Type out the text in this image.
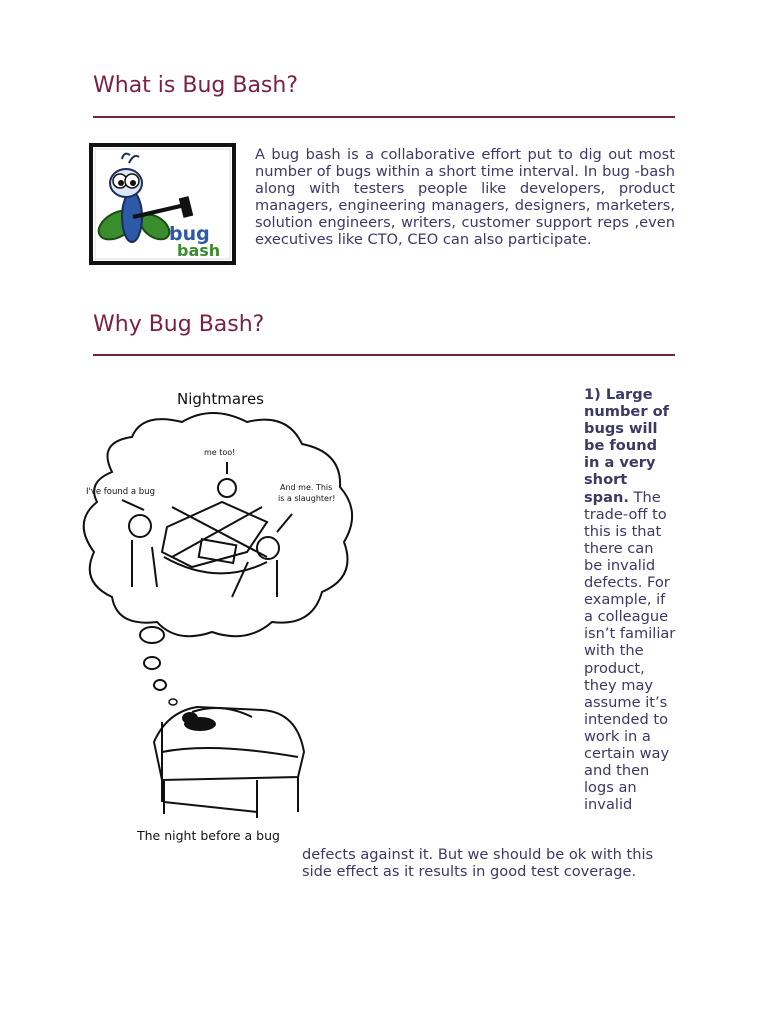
What is Bug Bash?
bug
bash

A bug bash is a collaborative effort put to dig out most number of bugs within a short time interval. In bug -bash along with testers people like developers, product managers, engineering managers, designers, marketers, solution engineers, writers, customer support reps ,even executives like CTO, CEO can also participate.

Why Bug Bash?
Nightmares
me too!
I've found a bug	And me. This
is a slaughter!
The night before a bug

1) Large number of bugs will be found in a very short span. The trade-off to this is that there can be invalid defects. For example, if a colleague isn’t familiar with the product, they may assume it’s intended to work in a certain way and then logs an invalid

defects against it. But we should be ok with this side effect as it results in good test coverage.
